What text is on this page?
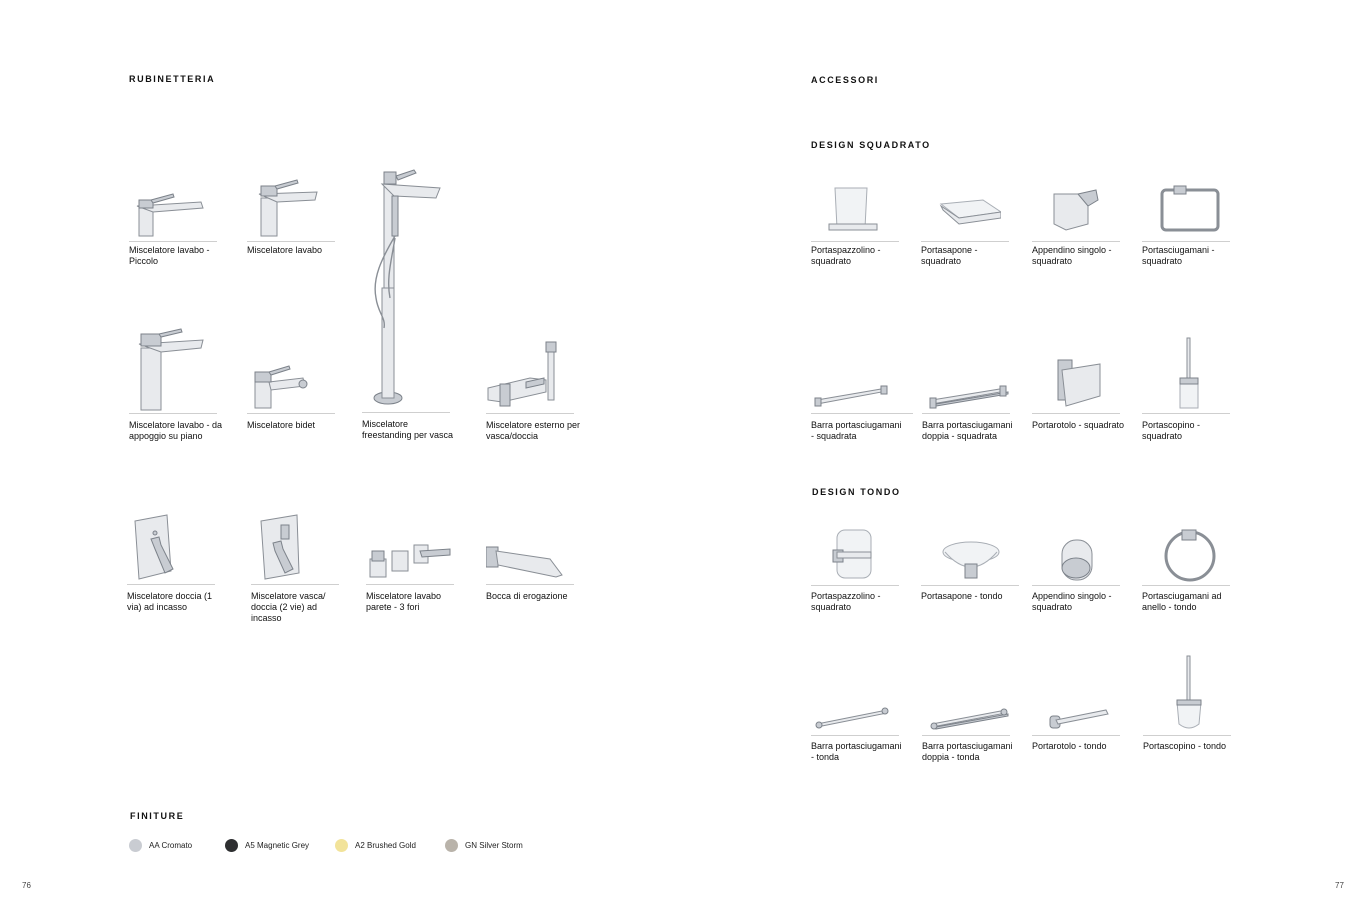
RUBINETTERIA
Miscelatore lavabo - Piccolo
Miscelatore lavabo
Miscelatore freestanding per vasca
Miscelatore lavabo - da appoggio su piano
Miscelatore bidet	Miscelatore esterno per vasca/doccia
Miscelatore doccia (1 via) ad incasso
Miscelatore vasca/ doccia (2 vie) ad incasso
Miscelatore lavabo parete - 3 fori
Bocca di erogazione
FINITURE
AA Cromato	A5 Magnetic Grey	A2 Brushed Gold	GN Silver Storm
76
ACCESSORI
DESIGN SQUADRATO
Portaspazzolino - squadrato
Portasapone - squadrato
Appendino singolo - squadrato
Portasciugamani - squadrato
Barra portasciugamani - squadrata
Barra portasciugamani doppia - squadrata
Portarotolo - squadrato	Portascopino - squadrato
DESIGN TONDO
Portaspazzolino - squadrato
Portasapone - tondo	Appendino singolo - squadrato
Portasciugamani ad anello - tondo
Barra portasciugamani - tonda
Barra portasciugamani doppia - tonda
Portarotolo - tondo	Portascopino - tondo
77
